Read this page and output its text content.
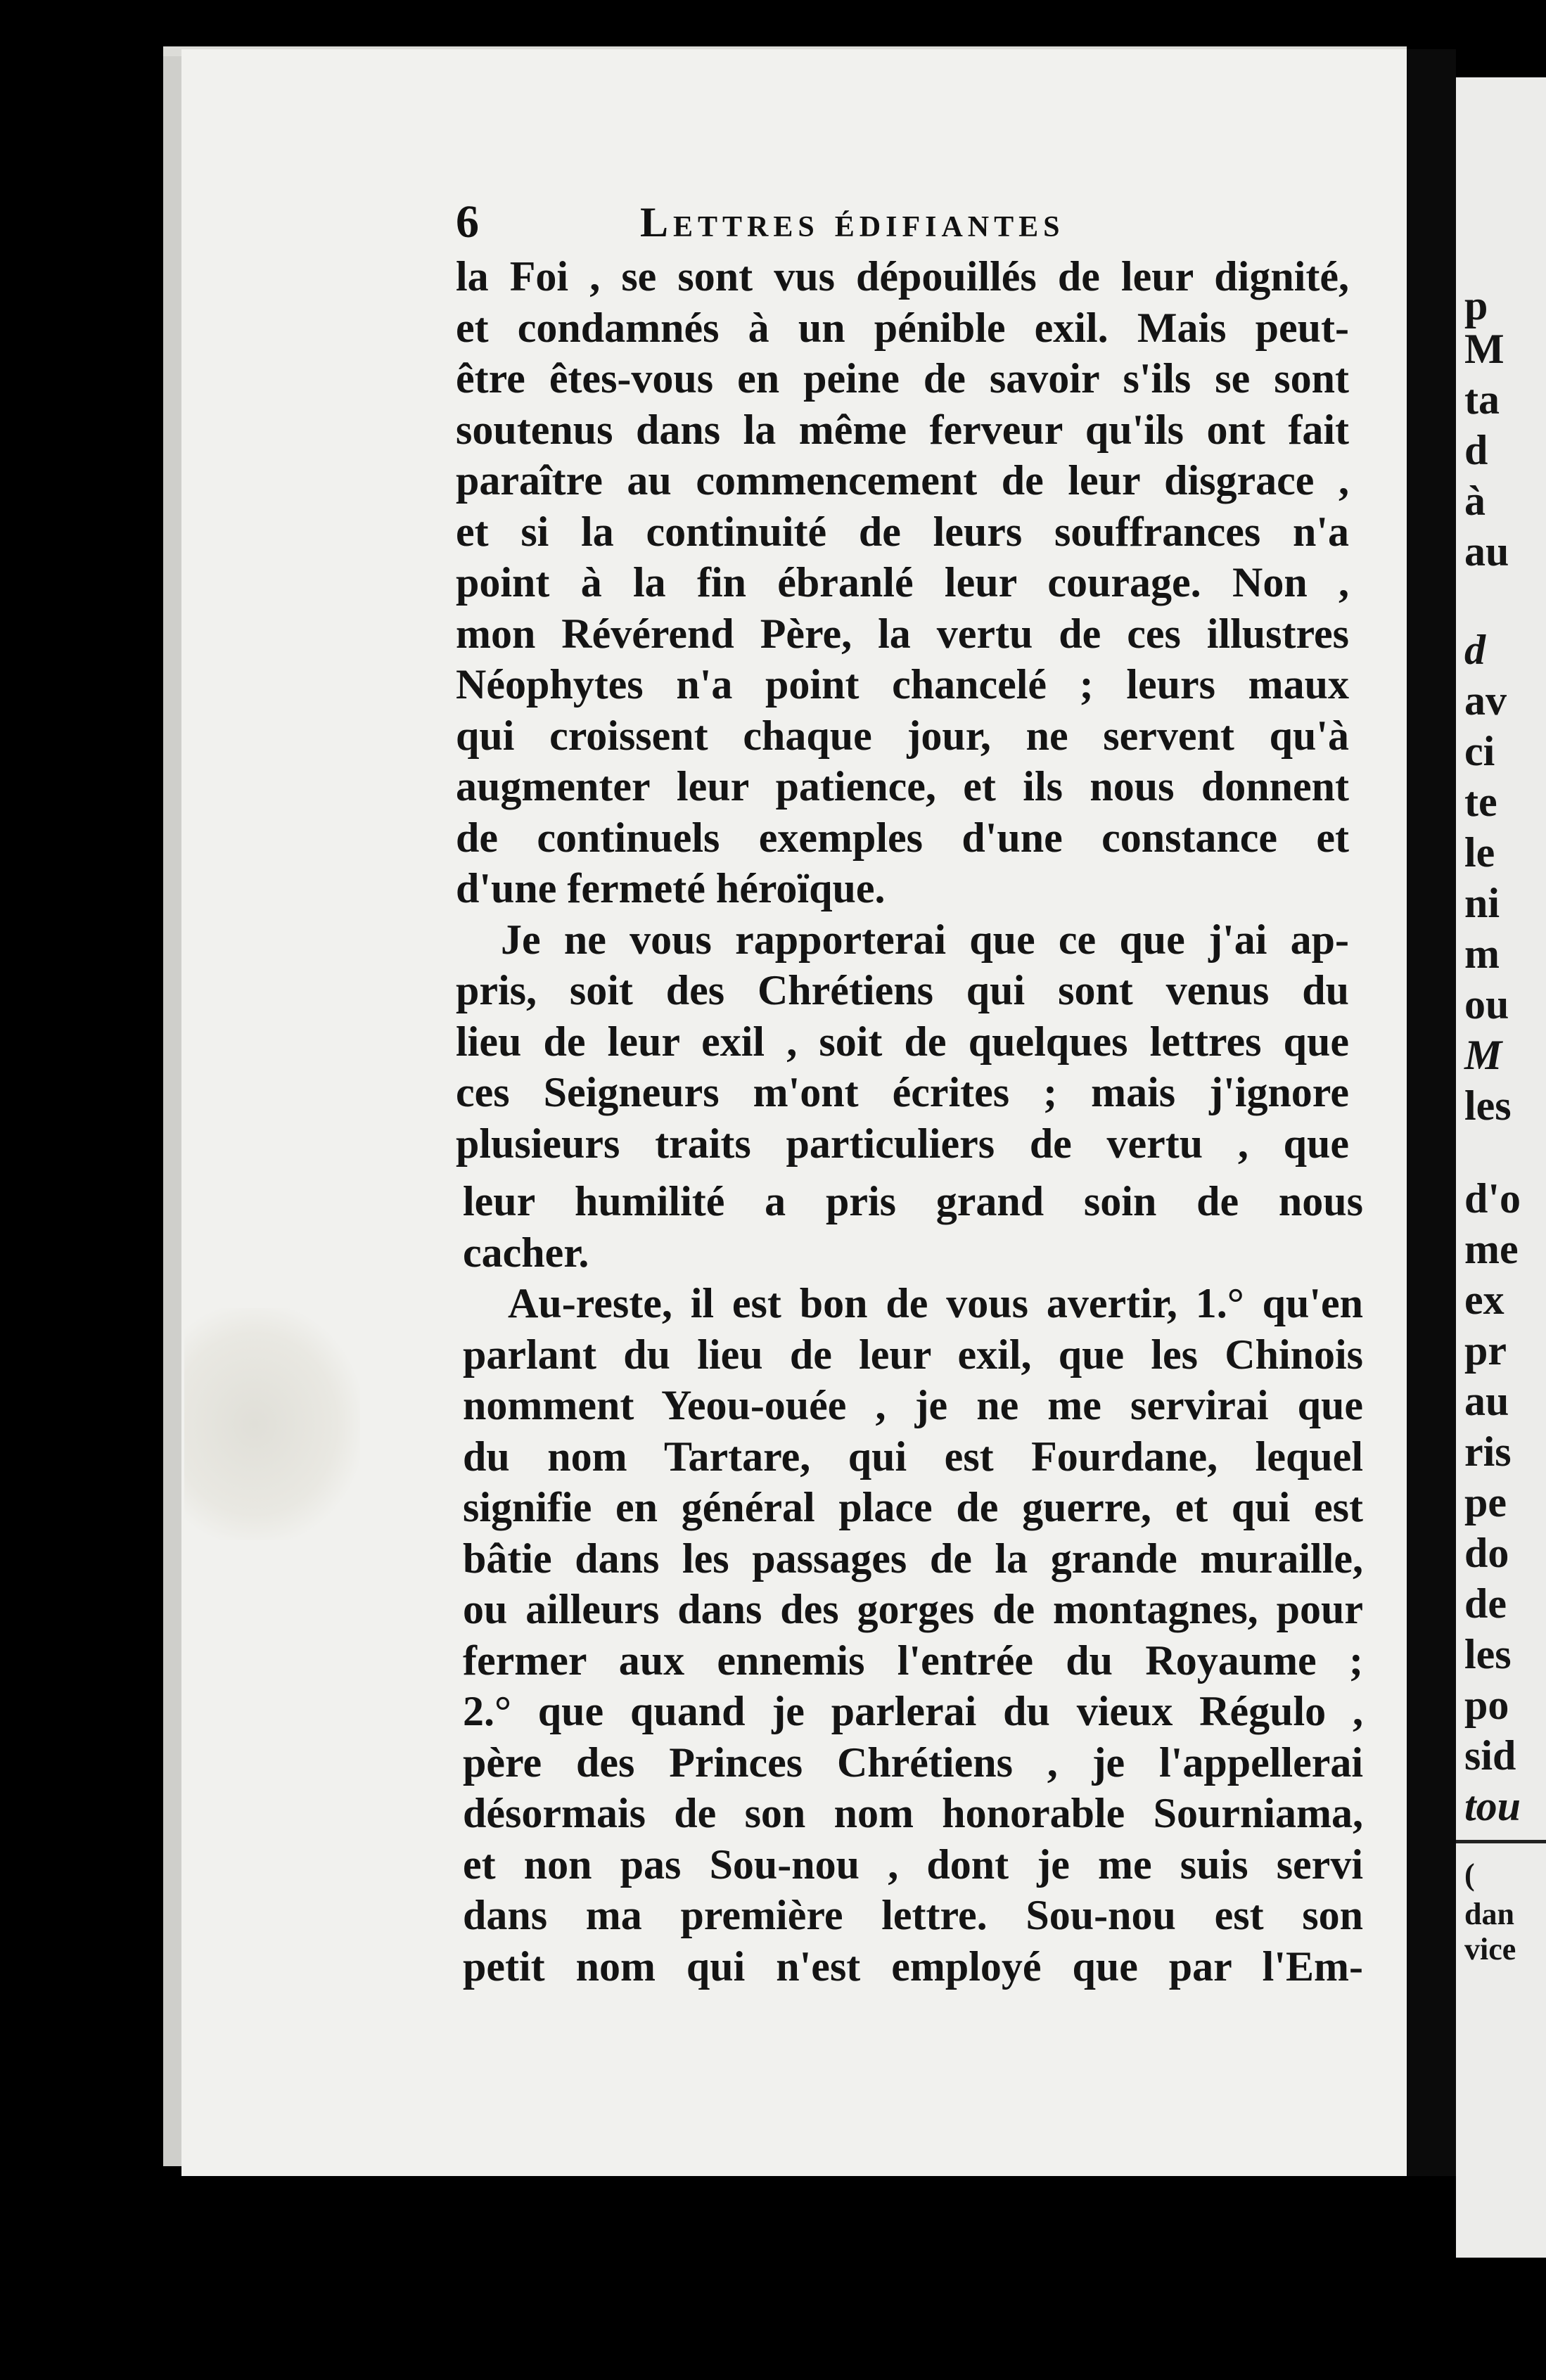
6	Lettres édifiantes
la Foi , se sont vus dépouillés de leur dignité,
et condamnés à un pénible exil. Mais peut-
être êtes-vous en peine de savoir s'ils se sont
soutenus dans la même ferveur qu'ils ont fait
paraître au commencement de leur disgrace ,
et si la continuité de leurs souffrances n'a
point à la fin ébranlé leur courage. Non ,
mon Révérend Père, la vertu de ces illustres
Néophytes n'a point chancelé ; leurs maux
qui croissent chaque jour, ne servent qu'à
augmenter leur patience, et ils nous donnent
de continuels exemples d'une constance et
d'une fermeté héroïque.
Je ne vous rapporterai que ce que j'ai ap-
pris, soit des Chrétiens qui sont venus du
lieu de leur exil , soit de quelques lettres que
ces Seigneurs m'ont écrites ; mais j'ignore
plusieurs traits particuliers de vertu , que
leur humilité a pris grand soin de nous
cacher.
Au-reste, il est bon de vous avertir, 1.° qu'en
parlant du lieu de leur exil, que les Chinois
nomment Yeou-ouée , je ne me servirai que
du nom Tartare, qui est Fourdane, lequel
signifie en général place de guerre, et qui est
bâtie dans les passages de la grande muraille,
ou ailleurs dans des gorges de montagnes, pour
fermer aux ennemis l'entrée du Royaume ;
2.° que quand je parlerai du vieux Régulo ,
père des Princes Chrétiens , je l'appellerai
désormais de son nom honorable Sourniama,
et non pas Sou-nou , dont je me suis servi
dans ma première lettre. Sou-nou est son
petit nom qui n'est employé que par l'Em-
p
M
ta
d
à
au
d
av
ci
te
le
ni
m
ou
M
les
d'o
me
ex
pr
au
ris
pe
do
de
les
po
sid
tou
(
dan
vice
